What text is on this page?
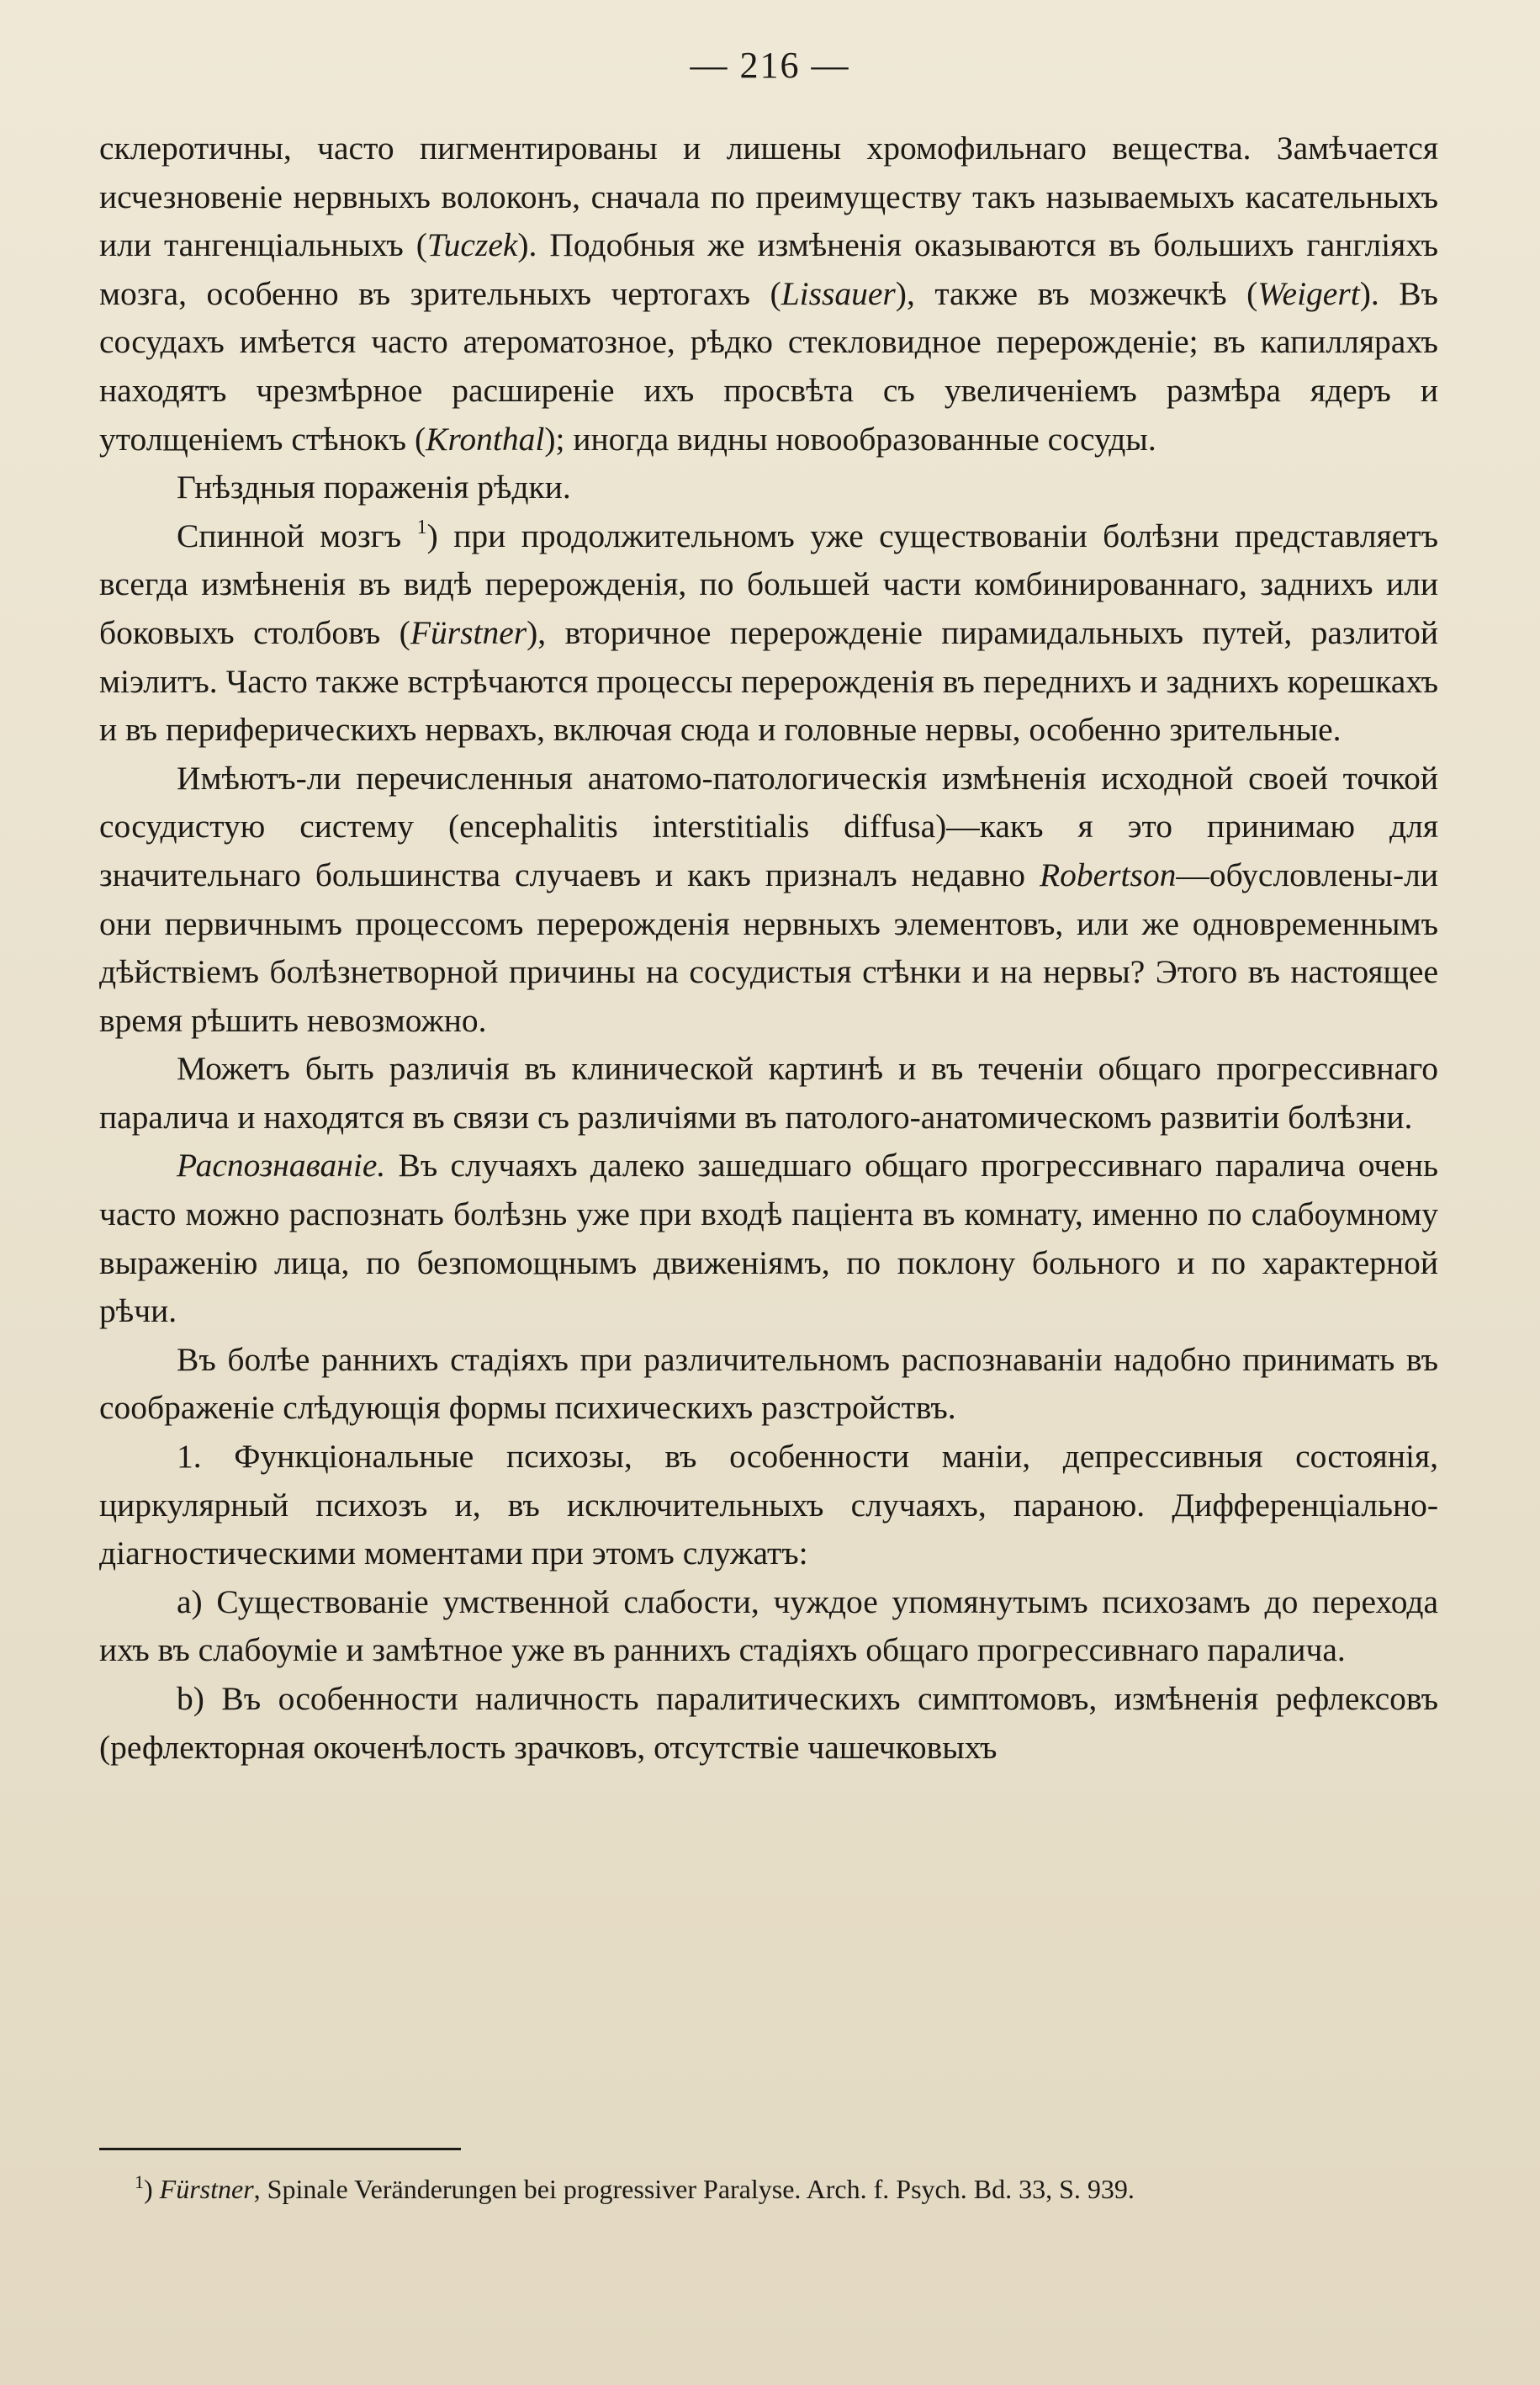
— 216 —

склеротичны, часто пигментированы и лишены хромофильнаго вещества. Замѣчается исчезновеніе нервныхъ волоконъ, сначала по преимуществу такъ называемыхъ касательныхъ или тангенціальныхъ (Tuczek). Подобныя же измѣненія оказываются въ большихъ гангліяхъ мозга, особенно въ зрительныхъ чертогахъ (Lissauer), также въ мозжечкѣ (Weigert). Въ сосудахъ имѣется часто атероматозное, рѣдко стекловидное перерожденіе; въ капиллярахъ находятъ чрезмѣрное расширеніе ихъ просвѣта съ увеличеніемъ размѣра ядеръ и утолщеніемъ стѣнокъ (Kronthal); иногда видны новообразованные сосуды.

Гнѣздныя пораженія рѣдки.

Спинной мозгъ $^1$) при продолжительномъ уже существованіи болѣзни представляетъ всегда измѣненія въ видѣ перерожденія, по большей части комбинированнаго, заднихъ или боковыхъ столбовъ (Fürstner), вторичное перерожденіе пирамидальныхъ путей, разлитой міэлитъ. Часто также встрѣчаются процессы перерожденія въ переднихъ и заднихъ корешкахъ и въ периферическихъ нервахъ, включая сюда и головные нервы, особенно зрительные.

Имѣютъ-ли перечисленныя анатомо-патологическія измѣненія исходной своей точкой сосудистую систему (encephalitis interstitialis diffusa)—какъ я это принимаю для значительнаго большинства случаевъ и какъ призналъ недавно Robertson—обусловлены-ли они первичнымъ процессомъ перерожденія нервныхъ элементовъ, или же одновременнымъ дѣйствіемъ болѣзнетворной причины на сосудистыя стѣнки и на нервы? Этого въ настоящее время рѣшить невозможно.

Можетъ быть различія въ клинической картинѣ и въ теченіи общаго прогрессивнаго паралича и находятся въ связи съ различіями въ патолого-анатомическомъ развитіи болѣзни.

Распознаваніе. Въ случаяхъ далеко зашедшаго общаго прогрессивнаго паралича очень часто можно распознать болѣзнь уже при входѣ паціента въ комнату, именно по слабоумному выраженію лица, по безпомощнымъ движеніямъ, по поклону больного и по характерной рѣчи.

Въ болѣе раннихъ стадіяхъ при различительномъ распознаваніи надобно принимать въ соображеніе слѣдующія формы психическихъ разстройствъ.

1. Функціональные психозы, въ особенности маніи, депрессивныя состоянія, циркулярный психозъ и, въ исключительныхъ случаяхъ, параною. Дифференціально-діагностическими моментами при этомъ служатъ:

a) Существованіе умственной слабости, чуждое упомянутымъ психозамъ до перехода ихъ въ слабоуміе и замѣтное уже въ раннихъ стадіяхъ общаго прогрессивнаго паралича.

b) Въ особенности наличность паралитическихъ симптомовъ, измѣненія рефлексовъ (рефлекторная окоченѣлость зрачковъ, отсутствіе чашечковыхъ

$^1$) Fürstner, Spinale Veränderungen bei progressiver Paralyse. Arch. f. Psych. Bd. 33, S. 939.
